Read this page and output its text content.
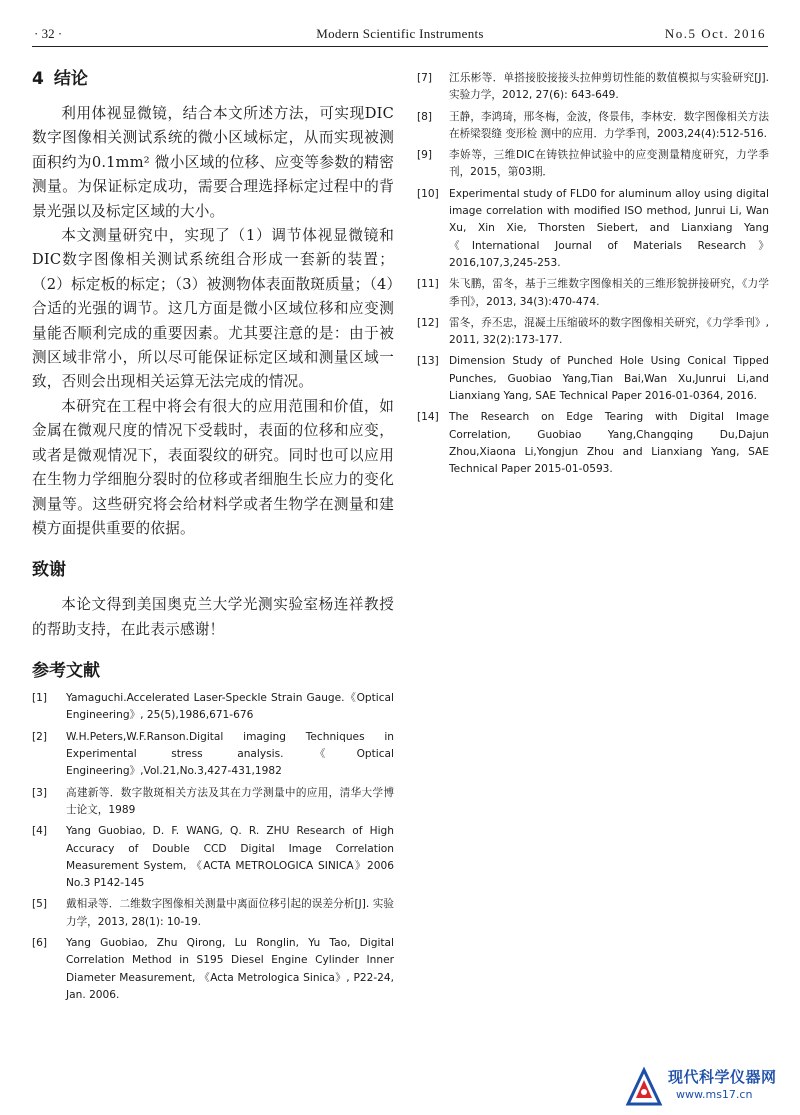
· 32 ·	Modern Scientific Instruments	No.5 Oct. 2016
4 结论

利用体视显微镜，结合本文所述方法，可实现DIC数字图像相关测试系统的微小区域标定，从而实现被测面积约为0.1mm² 微小区域的位移、应变等参数的精密测量。为保证标定成功，需要合理选择标定过程中的背景光强以及标定区域的大小。

本文测量研究中，实现了（1）调节体视显微镜和DIC数字图像相关测试系统组合形成一套新的装置；（2）标定板的标定；（3）被测物体表面散斑质量；（4）合适的光强的调节。这几方面是微小区域位移和应变测量能否顺利完成的重要因素。尤其要注意的是：由于被测区域非常小，所以尽可能保证标定区域和测量区域一致，否则会出现相关运算无法完成的情况。

本研究在工程中将会有很大的应用范围和价值，如金属在微观尺度的情况下受载时，表面的位移和应变，或者是微观情况下，表面裂纹的研究。同时也可以应用在生物力学细胞分裂时的位移或者细胞生长应力的变化测量等。这些研究将会给材料学或者生物学在测量和建模方面提供重要的依据。

致谢

本论文得到美国奥克兰大学光测实验室杨连祥教授的帮助支持，在此表示感谢！

参考文献
[1] Yamaguchi.Accelerated Laser-Speckle Strain Gauge.《Optical Engineering》, 25(5),1986,671-676
[2] W.H.Peters,W.F.Ranson.Digital imaging Techniques in Experimental stress analysis.《Optical Engineering》,Vol.21,No.3,427-431,1982
[3] 高建新等．数字散斑相关方法及其在力学测量中的应用，清华大学博士论文，1989
[4] Yang Guobiao, D. F. WANG, Q. R. ZHU Research of High Accuracy of Double CCD Digital Image Correlation Measurement System, 《ACTA METROLOGICA SINICA》2006 No.3 P142-145
[5] 戴相录等．二维数字图像相关测量中离面位移引起的误差分析[J]. 实验力学，2013, 28(1): 10-19.
[6] Yang Guobiao, Zhu Qirong, Lu Ronglin, Yu Tao, Digital Correlation Method in S195 Diesel Engine Cylinder Inner Diameter Measurement, 《Acta Metrologica Sinica》, P22-24, Jan. 2006.
[7] 江乐彬等．单搭接胶接接头拉伸剪切性能的数值模拟与实验研究[J]. 实验力学，2012, 27(6): 643-649.
[8] 王静，李鸿琦，邢冬梅，金波，佟景伟，李林安．数字图像相关方法在桥梁裂缝 变形检 测中的应用．力学季刊，2003,24(4):512-516.
[9] 李娇等，三维DIC在铸铁拉伸试验中的应变测量精度研究，力学季刊，2015，第03期．
[10] Experimental study of FLD0 for aluminum alloy using digital image correlation with modified ISO method, Junrui Li, Wan Xu, Xin Xie, Thorsten Siebert, and Lianxiang Yang《International Journal of Materials Research》2016,107,3,245-253.
[11] 朱飞鹏，雷冬，基于三维数字图像相关的三维形貌拼接研究，《力学季刊》，2013, 34(3):470-474.
[12] 雷冬，乔丕忠，混凝土压缩破坏的数字图像相关研究，《力学季刊》, 2011, 32(2):173-177.
[13] Dimension Study of Punched Hole Using Conical Tipped Punches, Guobiao Yang,Tian Bai,Wan Xu,Junrui Li,and Lianxiang Yang, SAE Technical Paper 2016-01-0364, 2016.
[14] The Research on Edge Tearing with Digital Image Correlation, Guobiao Yang,Changqing Du,Dajun Zhou,Xiaona Li,Yongjun Zhou and Lianxiang Yang, SAE Technical Paper 2015-01-0593.
现代科学仪器网
www.ms17.cn
